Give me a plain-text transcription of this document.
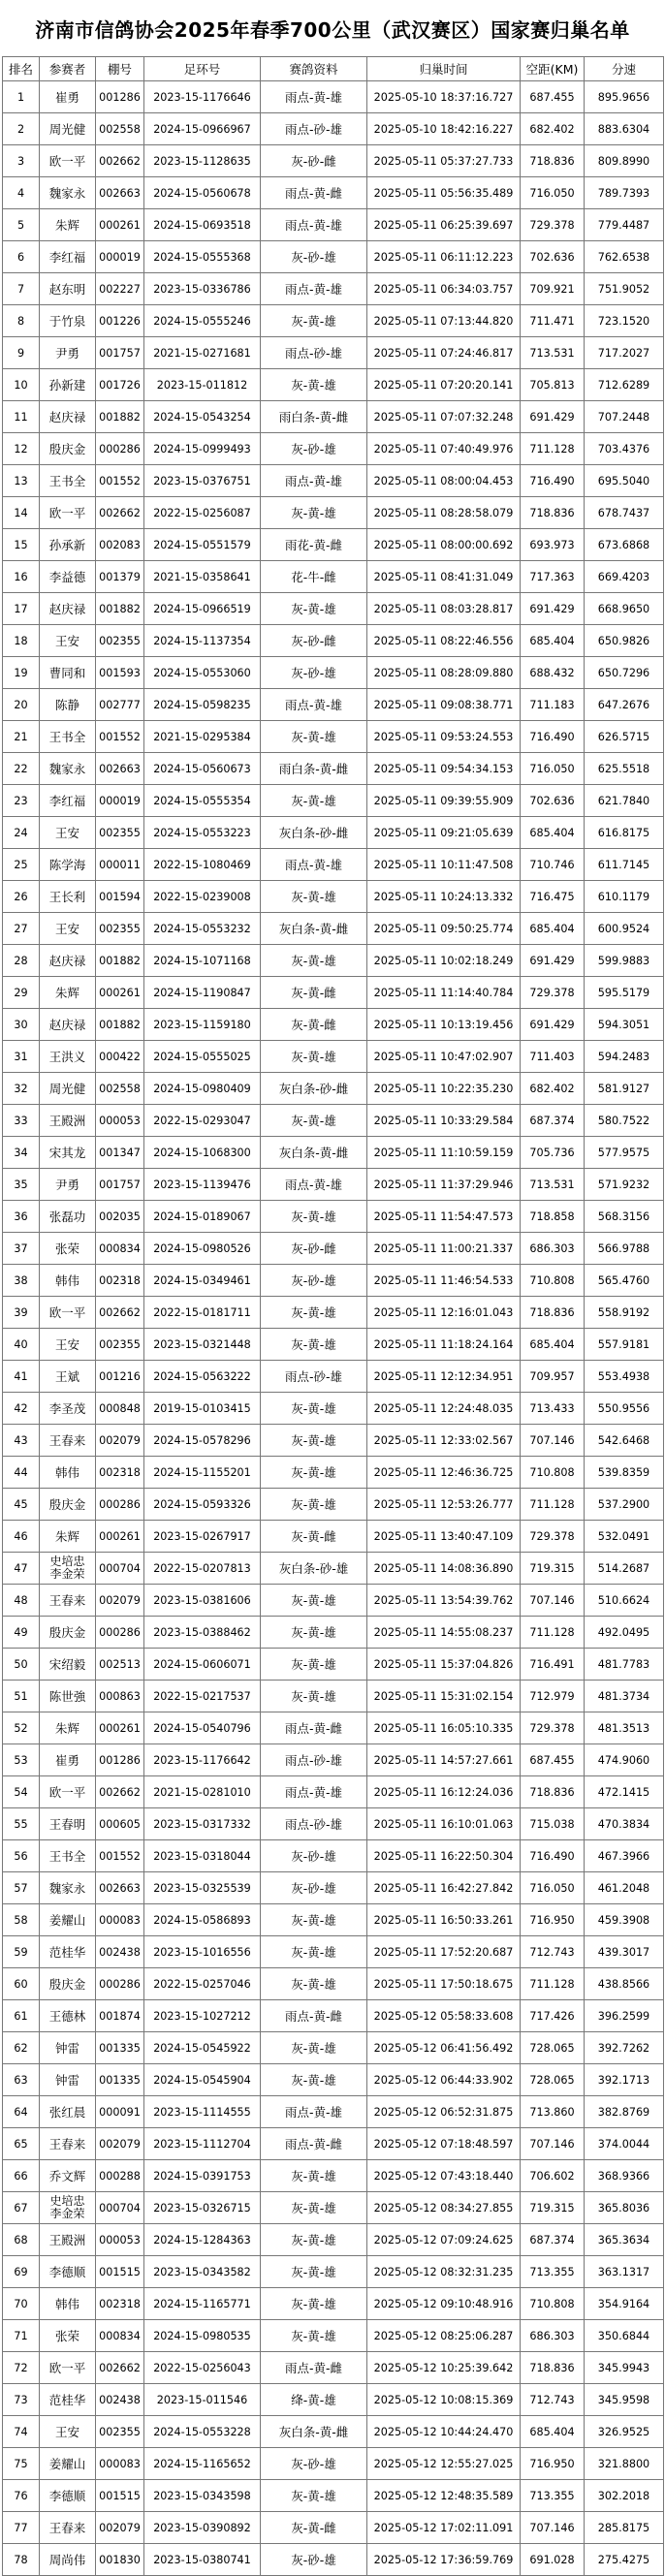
济南市信鸽协会2025年春季700公里（武汉赛区）国家赛归巢名单
排名	参赛者	棚号	足环号	赛鸽资料	归巢时间	空距(KM)	分速
1	崔勇	001286	2023-15-1176646	雨点-黄-雄	2025-05-10 18:37:16.727	687.455	895.9656
2	周光健	002558	2024-15-0966967	雨点-砂-雄	2025-05-10 18:42:16.227	682.402	883.6304
3	欧一平	002662	2023-15-1128635	灰-砂-雌	2025-05-11 05:37:27.733	718.836	809.8990
4	魏家永	002663	2024-15-0560678	雨点-黄-雌	2025-05-11 05:56:35.489	716.050	789.7393
5	朱辉	000261	2024-15-0693518	雨点-黄-雄	2025-05-11 06:25:39.697	729.378	779.4487
6	李红福	000019	2024-15-0555368	灰-砂-雄	2025-05-11 06:11:12.223	702.636	762.6538
7	赵东明	002227	2023-15-0336786	雨点-黄-雄	2025-05-11 06:34:03.757	709.921	751.9052
8	于竹泉	001226	2024-15-0555246	灰-黄-雄	2025-05-11 07:13:44.820	711.471	723.1520
9	尹勇	001757	2021-15-0271681	雨点-砂-雄	2025-05-11 07:24:46.817	713.531	717.2027
10	孙新建	001726	2023-15-011812	灰-黄-雄	2025-05-11 07:20:20.141	705.813	712.6289
11	赵庆禄	001882	2024-15-0543254	雨白条-黄-雌	2025-05-11 07:07:32.248	691.429	707.2448
12	殷庆金	000286	2024-15-0999493	灰-砂-雄	2025-05-11 07:40:49.976	711.128	703.4376
13	王书全	001552	2023-15-0376751	雨点-黄-雄	2025-05-11 08:00:04.453	716.490	695.5040
14	欧一平	002662	2022-15-0256087	灰-黄-雄	2025-05-11 08:28:58.079	718.836	678.7437
15	孙承新	002083	2024-15-0551579	雨花-黄-雌	2025-05-11 08:00:00.692	693.973	673.6868
16	李益德	001379	2021-15-0358641	花-牛-雌	2025-05-11 08:41:31.049	717.363	669.4203
17	赵庆禄	001882	2024-15-0966519	灰-黄-雄	2025-05-11 08:03:28.817	691.429	668.9650
18	王安	002355	2024-15-1137354	灰-砂-雌	2025-05-11 08:22:46.556	685.404	650.9826
19	曹同和	001593	2024-15-0553060	灰-砂-雄	2025-05-11 08:28:09.880	688.432	650.7296
20	陈静	002777	2024-15-0598235	雨点-黄-雄	2025-05-11 09:08:38.771	711.183	647.2676
21	王书全	001552	2021-15-0295384	灰-黄-雄	2025-05-11 09:53:24.553	716.490	626.5715
22	魏家永	002663	2024-15-0560673	雨白条-黄-雌	2025-05-11 09:54:34.153	716.050	625.5518
23	李红福	000019	2024-15-0555354	灰-黄-雄	2025-05-11 09:39:55.909	702.636	621.7840
24	王安	002355	2024-15-0553223	灰白条-砂-雌	2025-05-11 09:21:05.639	685.404	616.8175
25	陈学海	000011	2022-15-1080469	雨点-黄-雄	2025-05-11 10:11:47.508	710.746	611.7145
26	王长利	001594	2022-15-0239008	灰-黄-雄	2025-05-11 10:24:13.332	716.475	610.1179
27	王安	002355	2024-15-0553232	灰白条-黄-雌	2025-05-11 09:50:25.774	685.404	600.9524
28	赵庆禄	001882	2024-15-1071168	灰-黄-雄	2025-05-11 10:02:18.249	691.429	599.9883
29	朱辉	000261	2024-15-1190847	灰-黄-雌	2025-05-11 11:14:40.784	729.378	595.5179
30	赵庆禄	001882	2023-15-1159180	灰-黄-雌	2025-05-11 10:13:19.456	691.429	594.3051
31	王洪义	000422	2024-15-0555025	灰-黄-雄	2025-05-11 10:47:02.907	711.403	594.2483
32	周光健	002558	2024-15-0980409	灰白条-砂-雌	2025-05-11 10:22:35.230	682.402	581.9127
33	王殿洲	000053	2022-15-0293047	灰-黄-雄	2025-05-11 10:33:29.584	687.374	580.7522
34	宋其龙	001347	2024-15-1068300	灰白条-黄-雌	2025-05-11 11:10:59.159	705.736	577.9575
35	尹勇	001757	2023-15-1139476	雨点-黄-雄	2025-05-11 11:37:29.946	713.531	571.9232
36	张磊功	002035	2024-15-0189067	灰-黄-雄	2025-05-11 11:54:47.573	718.858	568.3156
37	张荣	000834	2024-15-0980526	灰-砂-雌	2025-05-11 11:00:21.337	686.303	566.9788
38	韩伟	002318	2024-15-0349461	灰-砂-雄	2025-05-11 11:46:54.533	710.808	565.4760
39	欧一平	002662	2022-15-0181711	灰-黄-雄	2025-05-11 12:16:01.043	718.836	558.9192
40	王安	002355	2023-15-0321448	灰-黄-雄	2025-05-11 11:18:24.164	685.404	557.9181
41	王斌	001216	2024-15-0563222	雨点-砂-雄	2025-05-11 12:12:34.951	709.957	553.4938
42	李圣茂	000848	2019-15-0103415	灰-黄-雄	2025-05-11 12:24:48.035	713.433	550.9556
43	王春来	002079	2024-15-0578296	灰-黄-雄	2025-05-11 12:33:02.567	707.146	542.6468
44	韩伟	002318	2024-15-1155201	灰-黄-雄	2025-05-11 12:46:36.725	710.808	539.8359
45	殷庆金	000286	2024-15-0593326	灰-黄-雄	2025-05-11 12:53:26.777	711.128	537.2900
46	朱辉	000261	2023-15-0267917	灰-黄-雌	2025-05-11 13:40:47.109	729.378	532.0491
47	史培忠
李金荣	000704	2022-15-0207813	灰白条-砂-雄	2025-05-11 14:08:36.890	719.315	514.2687
48	王春来	002079	2023-15-0381606	灰-黄-雄	2025-05-11 13:54:39.762	707.146	510.6624
49	殷庆金	000286	2023-15-0388462	灰-黄-雄	2025-05-11 14:55:08.237	711.128	492.0495
50	宋绍毅	002513	2024-15-0606071	灰-黄-雄	2025-05-11 15:37:04.826	716.491	481.7783
51	陈世強	000863	2022-15-0217537	灰-黄-雄	2025-05-11 15:31:02.154	712.979	481.3734
52	朱辉	000261	2024-15-0540796	雨点-黄-雌	2025-05-11 16:05:10.335	729.378	481.3513
53	崔勇	001286	2023-15-1176642	雨点-砂-雄	2025-05-11 14:57:27.661	687.455	474.9060
54	欧一平	002662	2021-15-0281010	雨点-黄-雄	2025-05-11 16:12:24.036	718.836	472.1415
55	王春明	000605	2023-15-0317332	雨点-砂-雄	2025-05-11 16:10:01.063	715.038	470.3834
56	王书全	001552	2023-15-0318044	灰-砂-雄	2025-05-11 16:22:50.304	716.490	467.3966
57	魏家永	002663	2023-15-0325539	灰-砂-雄	2025-05-11 16:42:27.842	716.050	461.2048
58	姜耀山	000083	2024-15-0586893	灰-黄-雄	2025-05-11 16:50:33.261	716.950	459.3908
59	范桂华	002438	2023-15-1016556	灰-黄-雄	2025-05-11 17:52:20.687	712.743	439.3017
60	殷庆金	000286	2022-15-0257046	灰-黄-雄	2025-05-11 17:50:18.675	711.128	438.8566
61	王德林	001874	2023-15-1027212	雨点-黄-雌	2025-05-12 05:58:33.608	717.426	396.2599
62	钟雷	001335	2024-15-0545922	灰-黄-雄	2025-05-12 06:41:56.492	728.065	392.7262
63	钟雷	001335	2024-15-0545904	灰-黄-雄	2025-05-12 06:44:33.902	728.065	392.1713
64	张红晨	000091	2023-15-1114555	雨点-黄-雄	2025-05-12 06:52:31.875	713.860	382.8769
65	王春来	002079	2023-15-1112704	雨点-黄-雌	2025-05-12 07:18:48.597	707.146	374.0044
66	乔文辉	000288	2024-15-0391753	灰-黄-雄	2025-05-12 07:43:18.440	706.602	368.9366
67	史培忠
李金荣	000704	2023-15-0326715	灰-黄-雄	2025-05-12 08:34:27.855	719.315	365.8036
68	王殿洲	000053	2024-15-1284363	灰-黄-雄	2025-05-12 07:09:24.625	687.374	365.3634
69	李德顺	001515	2023-15-0343582	灰-黄-雄	2025-05-12 08:32:31.235	713.355	363.1317
70	韩伟	002318	2024-15-1165771	灰-黄-雄	2025-05-12 09:10:48.916	710.808	354.9164
71	张荣	000834	2024-15-0980535	灰-黄-雄	2025-05-12 08:25:06.287	686.303	350.6844
72	欧一平	002662	2022-15-0256043	雨点-黄-雌	2025-05-12 10:25:39.642	718.836	345.9943
73	范桂华	002438	2023-15-011546	绛-黄-雄	2025-05-12 10:08:15.369	712.743	345.9598
74	王安	002355	2024-15-0553228	灰白条-黄-雌	2025-05-12 10:44:24.470	685.404	326.9525
75	姜耀山	000083	2024-15-1165652	灰-砂-雄	2025-05-12 12:55:27.025	716.950	321.8800
76	李德顺	001515	2023-15-0343598	灰-黄-雄	2025-05-12 12:48:35.589	713.355	302.2018
77	王春来	002079	2023-15-0390892	灰-黄-雌	2025-05-12 17:02:11.091	707.146	285.8175
78	周尚伟	001830	2023-15-0380741	灰-砂-雄	2025-05-12 17:36:59.769	691.028	275.4275
